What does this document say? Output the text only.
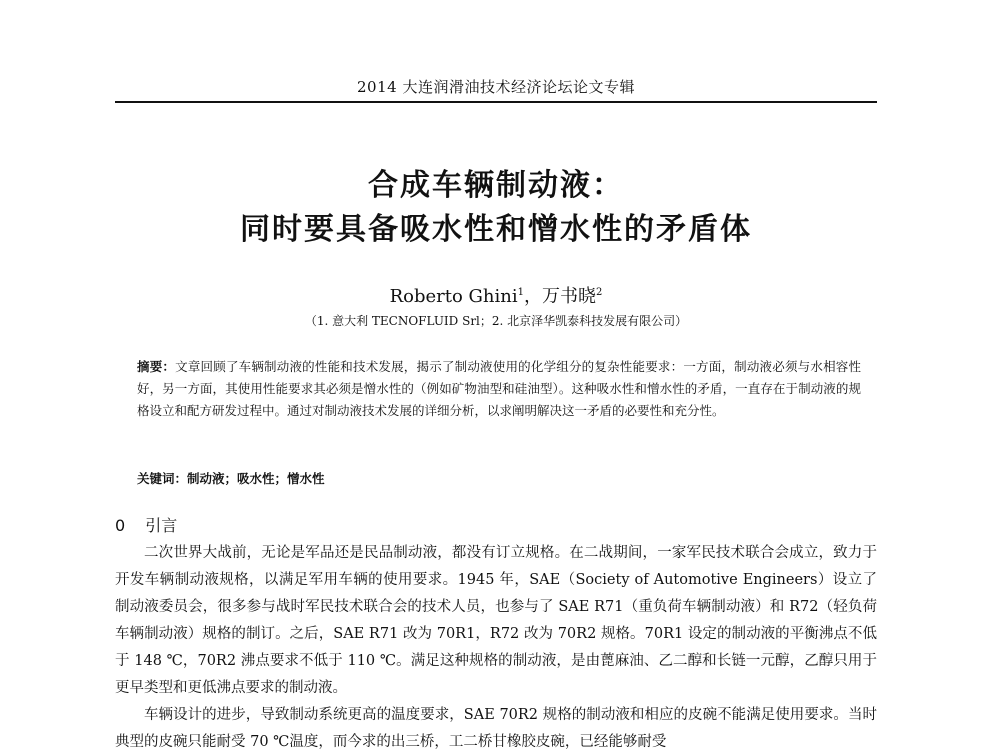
2014 大连润滑油技术经济论坛论文专辑
合成车辆制动液：
同时要具备吸水性和憎水性的矛盾体
Roberto Ghini$^1$，万书晓$^2$
（1. 意大利 TECNOFLUID Srl；2. 北京泽华凯泰科技发展有限公司）
摘要：文章回顾了车辆制动液的性能和技术发展，揭示了制动液使用的化学组分的复杂性能要求：一方面，制动液必须与水相容性好，另一方面，其使用性能要求其必须是憎水性的（例如矿物油型和硅油型）。这种吸水性和憎水性的矛盾，一直存在于制动液的规格设立和配方研发过程中。通过对制动液技术发展的详细分析，以求阐明解决这一矛盾的必要性和充分性。
关键词：制动液；吸水性；憎水性
0 引言

二次世界大战前，无论是军品还是民品制动液，都没有订立规格。在二战期间，一家军民技术联合会成立，致力于开发车辆制动液规格，以满足军用车辆的使用要求。1945 年，SAE（Society of Automotive Engineers）设立了制动液委员会，很多参与战时军民技术联合会的技术人员，也参与了 SAE R71（重负荷车辆制动液）和 R72（轻负荷车辆制动液）规格的制订。之后，SAE R71 改为 70R1，R72 改为 70R2 规格。70R1 设定的制动液的平衡沸点不低于 148 ℃，70R2 沸点要求不低于 110 ℃。满足这种规格的制动液，是由蓖麻油、乙二醇和长链一元醇，乙醇只用于更早类型和更低沸点要求的制动液。

车辆设计的进步，导致制动系统更高的温度要求，SAE 70R2 规格的制动液和相应的皮碗不能满足使用要求。当时典型的皮碗只能耐受 70 ℃温度，而今求的出三桥，工二桥甘橡胶皮碗，已经能够耐受
